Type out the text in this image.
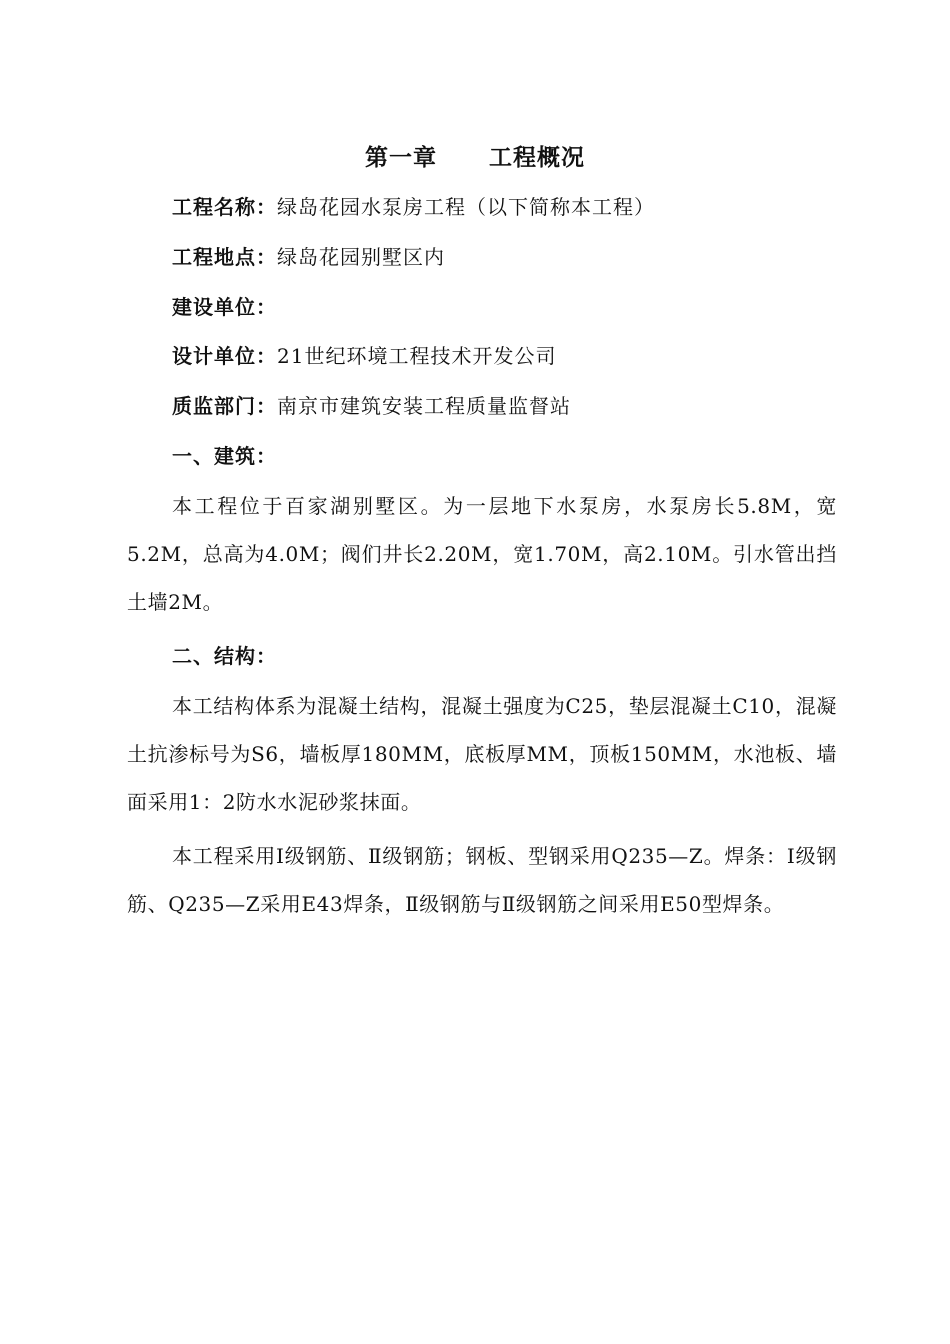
第一章 工程概况
工程名称：绿岛花园水泵房工程（以下简称本工程）
工程地点：绿岛花园别墅区内
建设单位：
设计单位：21世纪环境工程技术开发公司
质监部门：南京市建筑安装工程质量监督站
一、建筑：
本工程位于百家湖别墅区。为一层地下水泵房，水泵房长5.8M，宽5.2M，总高为4.0M；阀们井长2.20M，宽1.70M，高2.10M。引水管出挡土墙2M。
二、结构：
本工结构体系为混凝土结构，混凝土强度为C25，垫层混凝土C10，混凝土抗渗标号为S6，墙板厚180MM，底板厚MM，顶板150MM，水池板、墙面采用1：2防水水泥砂浆抹面。
本工程采用Ⅰ级钢筋、Ⅱ级钢筋；钢板、型钢采用Q235—Z。焊条：Ⅰ级钢筋、Q235—Z采用E43焊条，Ⅱ级钢筋与Ⅱ级钢筋之间采用E50型焊条。
